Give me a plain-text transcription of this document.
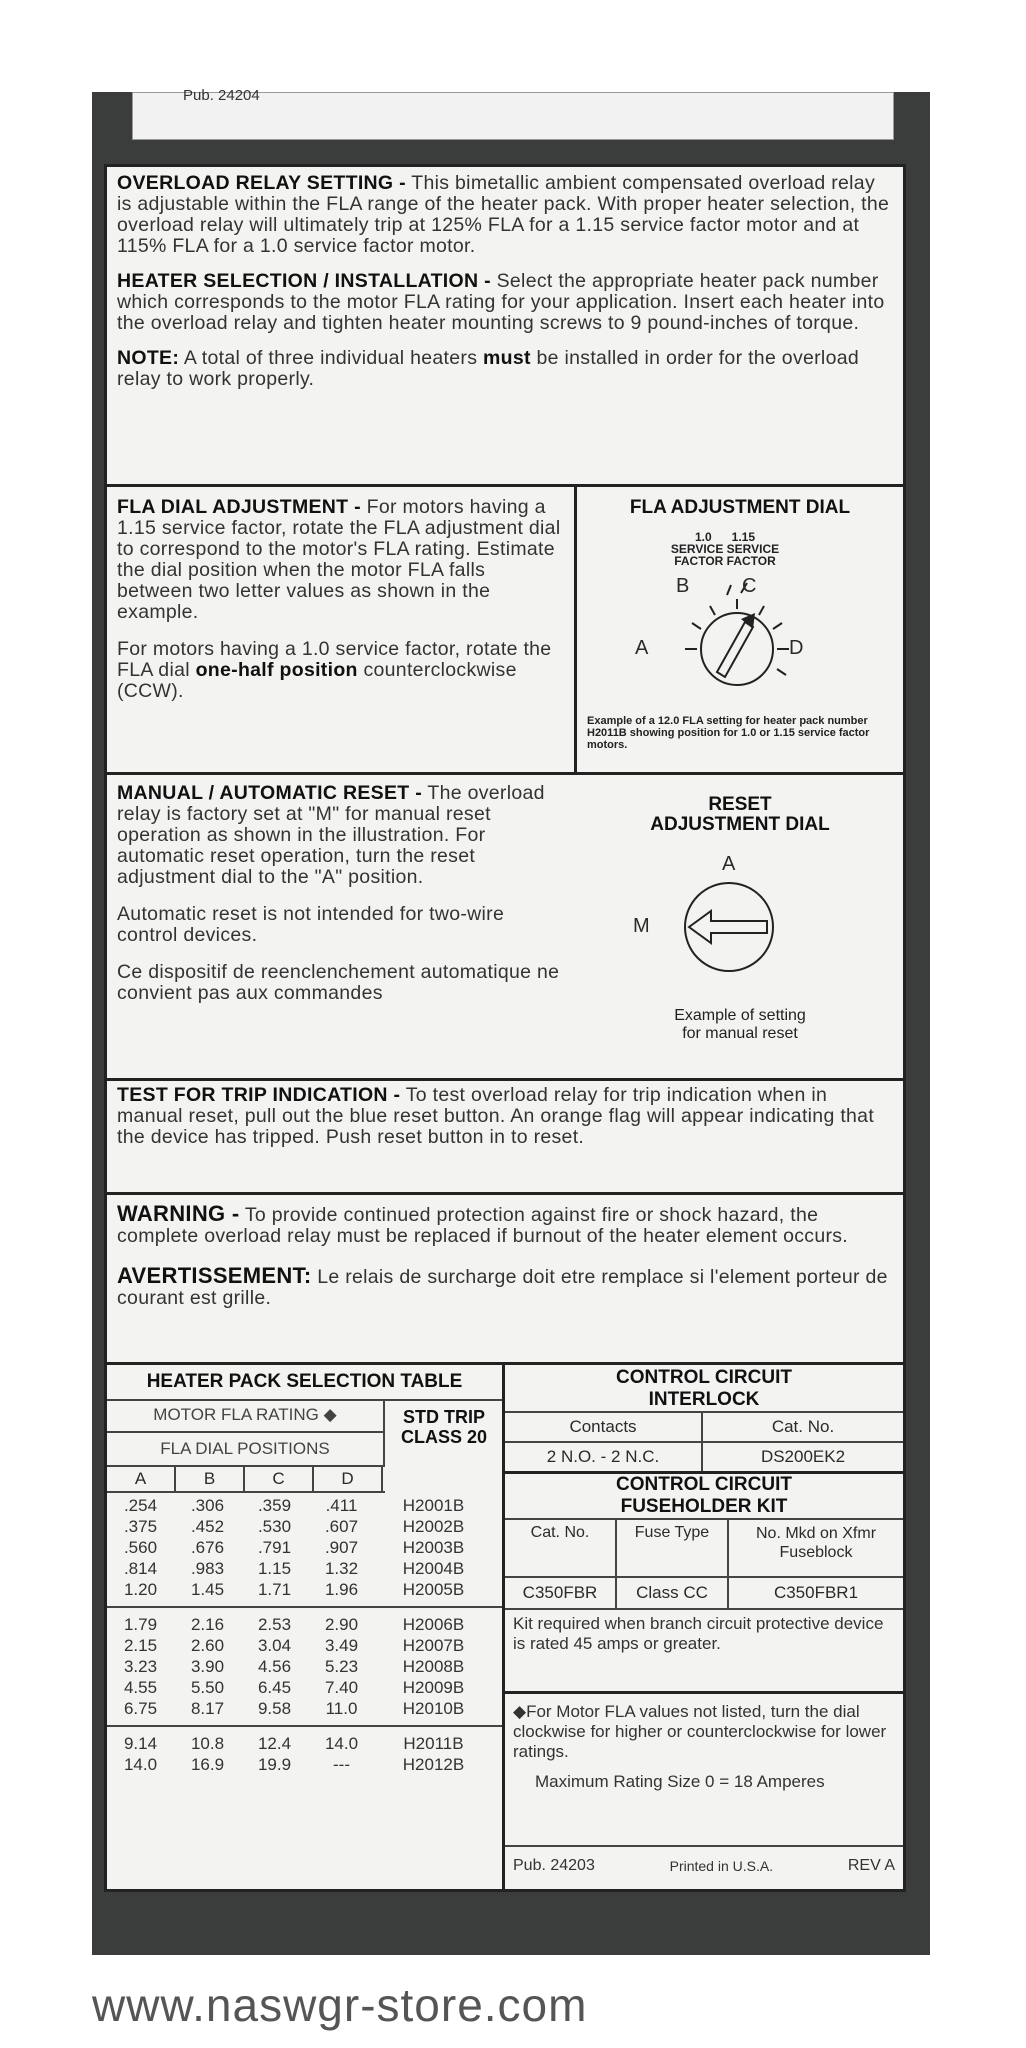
Pub. 24204

OVERLOAD RELAY SETTING - This bimetallic ambient compensated overload relay is adjustable within the FLA range of the heater pack. With proper heater selection, the overload relay will ultimately trip at 125% FLA for a 1.15 service factor motor and at 115% FLA for a 1.0 service factor motor.

HEATER SELECTION / INSTALLATION - Select the appropriate heater pack number which corresponds to the motor FLA rating for your application. Insert each heater into the overload relay and tighten heater mounting screws to 9 pound-inches of torque.

NOTE: A total of three individual heaters must be installed in order for the overload relay to work properly.

FLA DIAL ADJUSTMENT - For motors having a 1.15 service factor, rotate the FLA adjustment dial to correspond to the motor's FLA rating. Estimate the dial position when the motor FLA falls between two letter values as shown in the example.

For motors having a 1.0 service factor, rotate the FLA dial one-half position counterclockwise (CCW).

FLA ADJUSTMENT DIAL
1.0 1.15
SERVICE SERVICE
FACTOR FACTOR
B	C
A	D
Example of a 12.0 FLA setting for heater pack number H2011B showing position for 1.0 or 1.15 service factor motors.

MANUAL / AUTOMATIC RESET - The overload relay is factory set at "M" for manual reset operation as shown in the illustration. For automatic reset operation, turn the reset adjustment dial to the "A" position.

Automatic reset is not intended for two-wire control devices.

Ce dispositif de reenclenchement automatique ne convient pas aux commandes

RESET
ADJUSTMENT DIAL
A
M
Example of setting
for manual reset

TEST FOR TRIP INDICATION - To test overload relay for trip indication when in manual reset, pull out the blue reset button. An orange flag will appear indicating that the device has tripped. Push reset button in to reset.

WARNING - To provide continued protection against fire or shock hazard, the complete overload relay must be replaced if burnout of the heater element occurs.

AVERTISSEMENT: Le relais de surcharge doit etre remplace si l'element porteur de courant est grille.

HEATER PACK SELECTION TABLE
MOTOR FLA RATING ◆
FLA DIAL POSITIONS
A	B	C	D
STD TRIP CLASS 20
.254	.306	.359	.411	H2001B
.375	.452	.530	.607	H2002B
.560	.676	.791	.907	H2003B
.814	.983	1.15	1.32	H2004B
1.20	1.45	1.71	1.96	H2005B
1.79	2.16	2.53	2.90	H2006B
2.15	2.60	3.04	3.49	H2007B
3.23	3.90	4.56	5.23	H2008B
4.55	5.50	6.45	7.40	H2009B
6.75	8.17	9.58	11.0	H2010B
9.14	10.8	12.4	14.0	H2011B
14.0	16.9	19.9	---	H2012B
CONTROL CIRCUIT
INTERLOCK
Contacts	Cat. No.
2 N.O. - 2 N.C.	DS200EK2
CONTROL CIRCUIT
FUSEHOLDER KIT
Cat. No.	Fuse Type	No. Mkd on Xfmr Fuseblock
C350FBR	Class CC	C350FBR1
Kit required when branch circuit protective device is rated 45 amps or greater.
◆For Motor FLA values not listed, turn the dial clockwise for higher or counterclockwise for lower ratings.
Maximum Rating Size 0 = 18 Amperes
Pub. 24203	Printed in U.S.A.	REV A
www.naswgr-store.com
